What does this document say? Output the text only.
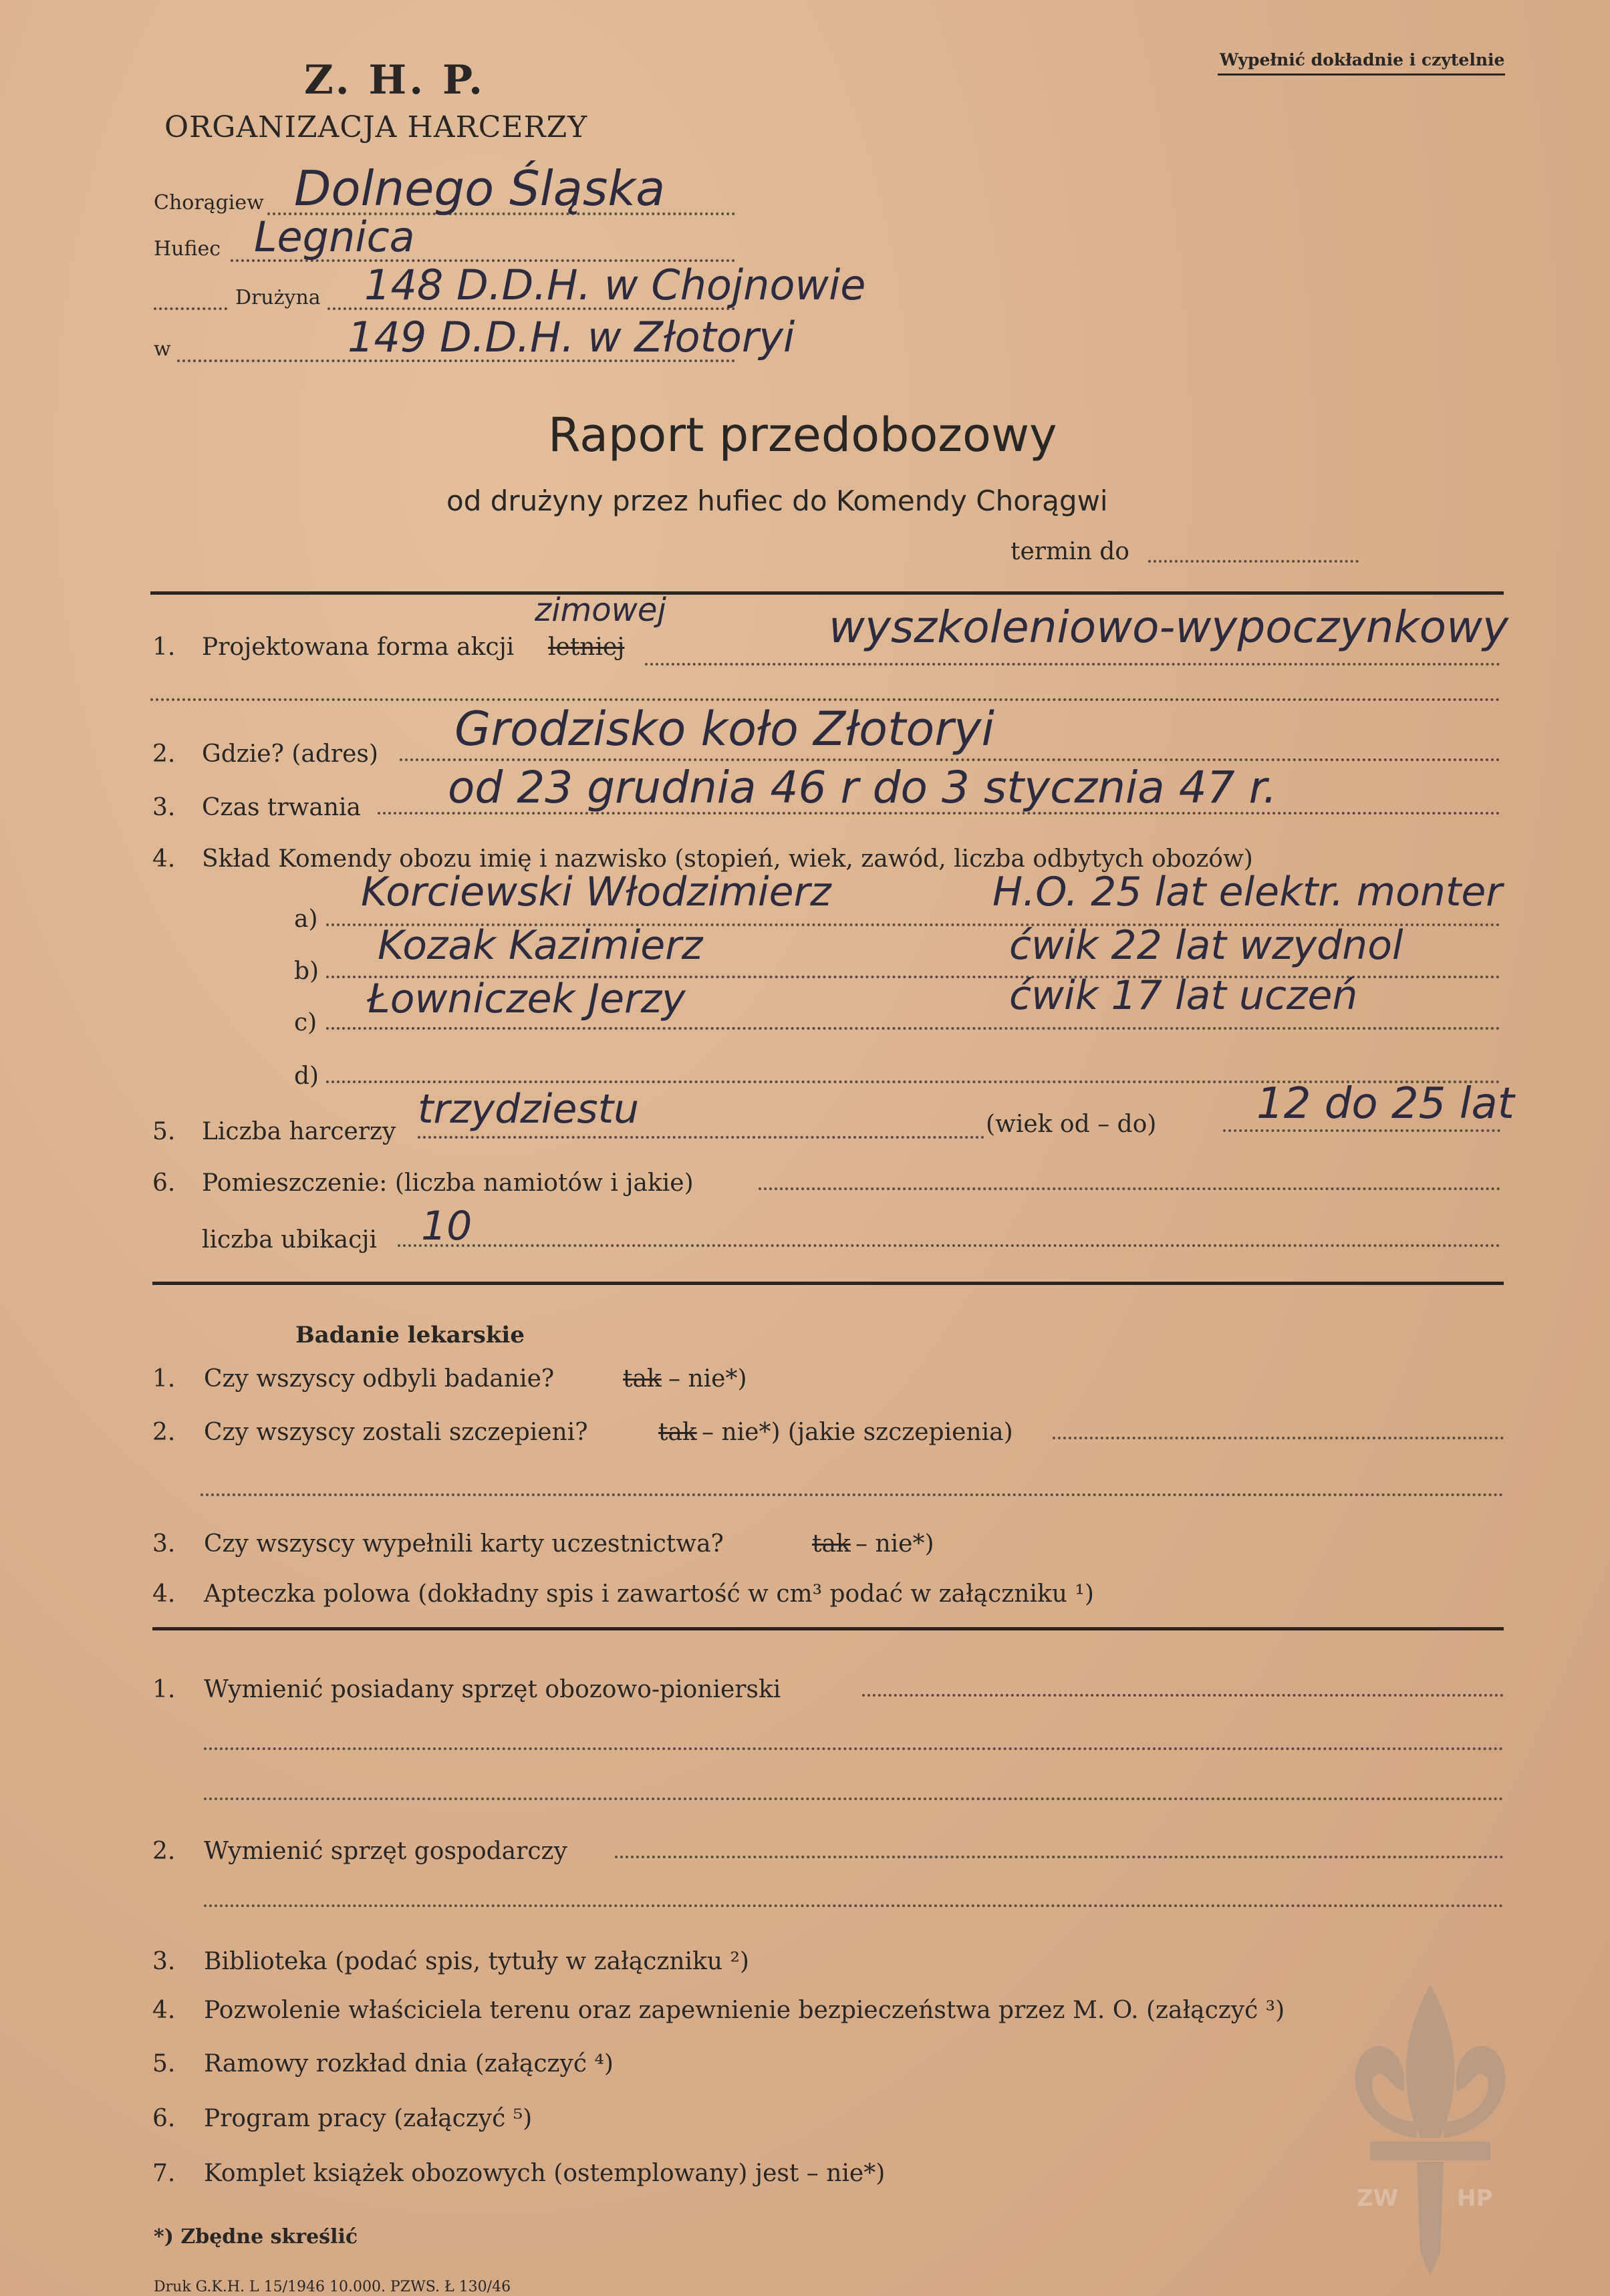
Z. H. P.
ORGANIZACJA HARCERZY
Wypełnić dokładnie i czytelnie
Chorągiew Dolnego Śląska
Hufiec Legnica
Drużyna 148 D.D.H. w Chojnowie
w	149 D.D.H. w Złotoryi
Raport przedobozowy
od drużyny przez hufiec do Komendy Chorągwi
termin do
1. Projektowana forma akcji letniej
zimowej	wyszkoleniowo-wypoczynkowy
2. Gdzie? (adres) Grodzisko koło Złotoryi
3. Czas trwania od 23 grudnia 46 r do 3 stycznia 47 r.
4. Skład Komendy obozu imię i nazwisko (stopień, wiek, zawód, liczba odbytych obozów)
a)
Korciewski Włodzimierz	H.O. 25 lat elektr. monter
b)
Kozak Kazimierz	ćwik 22 lat wzydnol
c)
Łowniczek Jerzy	ćwik 17 lat uczeń
d)
5. Liczba harcerzy trzydziestu	(wiek od – do) 12 do 25 lat
6. Pomieszczenie: (liczba namiotów i jakie)
liczba ubikacji 10
Badanie lekarskie
1. Czy wszyscy odbyli badanie?	tak – nie*)
2. Czy wszyscy zostali szczepieni?	tak – nie*) (jakie szczepienia)
3. Czy wszyscy wypełnili karty uczestnictwa?	tak – nie*)
4. Apteczka polowa (dokładny spis i zawartość w cm³ podać w załączniku ¹)
1. Wymienić posiadany sprzęt obozowo-pionierski
2. Wymienić sprzęt gospodarczy
3. Biblioteka (podać spis, tytuły w załączniku ²)
4. Pozwolenie właściciela terenu oraz zapewnienie bezpieczeństwa przez M. O. (załączyć ³)
5. Ramowy rozkład dnia (załączyć ⁴)
6. Program pracy (załączyć ⁵)
7. Komplet książek obozowych (ostemplowany) jest – nie*)
*) Zbędne skreślić
Druk G.K.H. L 15/1946 10.000. PZWS. Ł 130/46
ZW	HP
